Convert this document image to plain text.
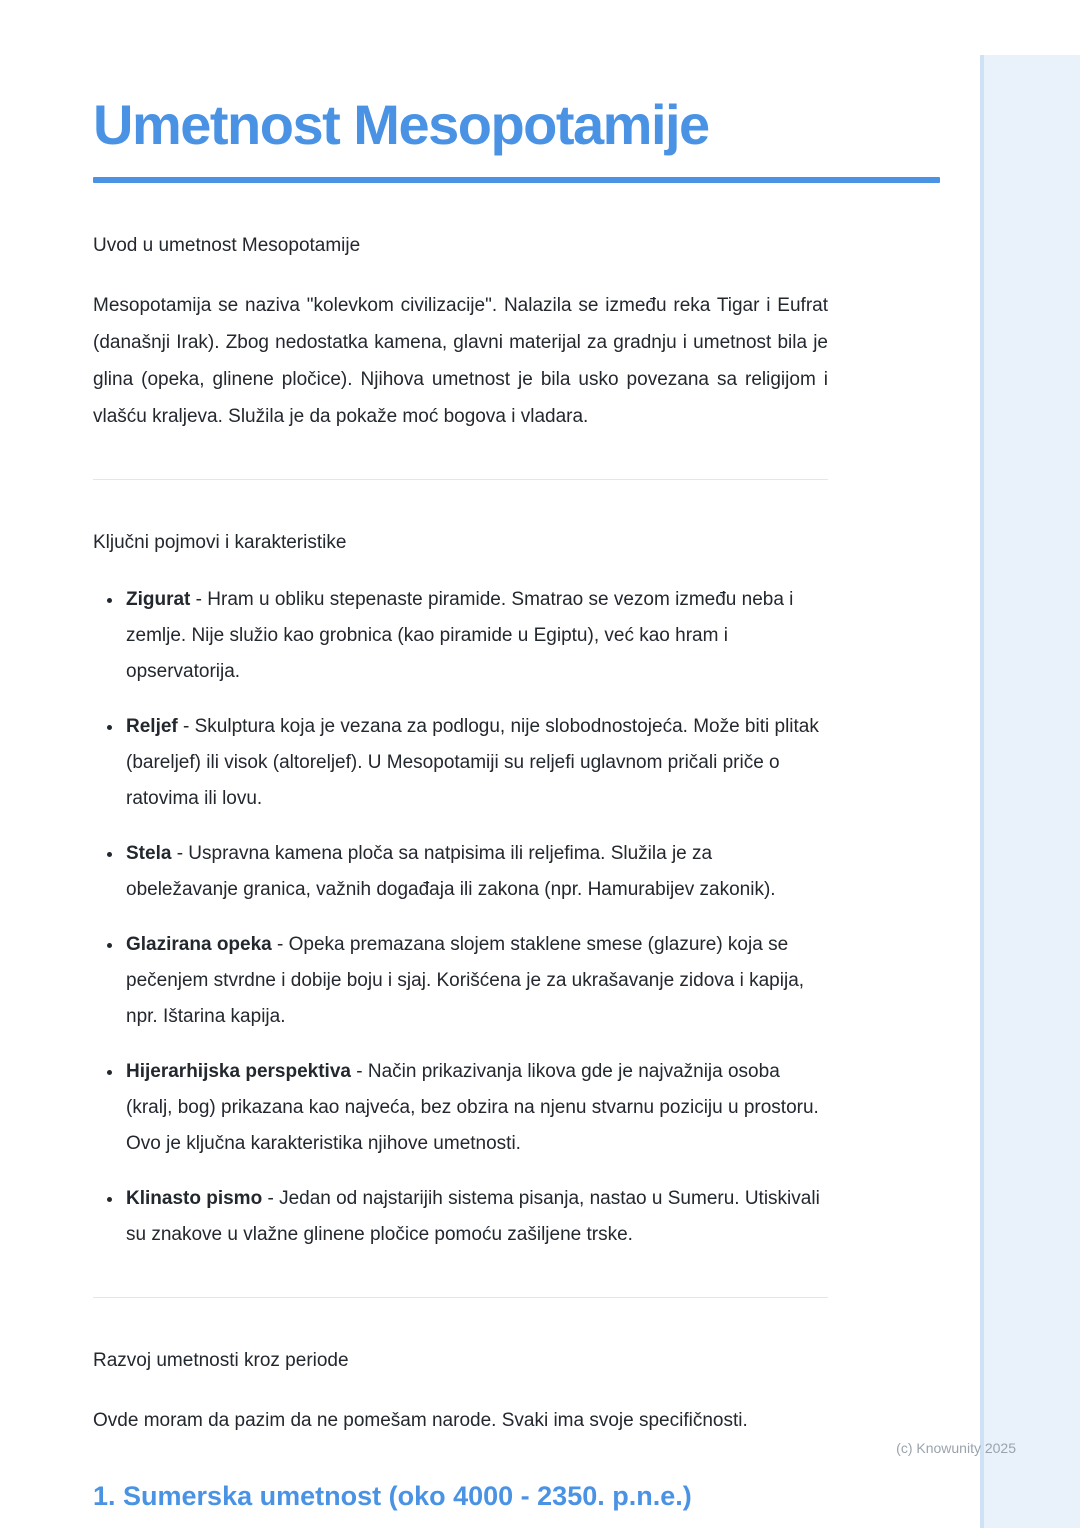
Umetnost Mesopotamije

Uvod u umetnost Mesopotamije

Mesopotamija se naziva "kolevkom civilizacije". Nalazila se između reka Tigar i Eufrat (današnji Irak). Zbog nedostatka kamena, glavni materijal za gradnju i umetnost bila je glina (opeka, glinene pločice). Njihova umetnost je bila usko povezana sa religijom i vlašću kraljeva. Služila je da pokaže moć bogova i vladara.

Ključni pojmovi i karakteristike

• Zigurat - Hram u obliku stepenaste piramide. Smatrao se vezom između neba i zemlje. Nije služio kao grobnica (kao piramide u Egiptu), već kao hram i opservatorija.
• Reljef - Skulptura koja je vezana za podlogu, nije slobodnostojeća. Može biti plitak (bareljef) ili visok (altoreljef). U Mesopotamiji su reljefi uglavnom pričali priče o ratovima ili lovu.
• Stela - Uspravna kamena ploča sa natpisima ili reljefima. Služila je za obeležavanje granica, važnih događaja ili zakona (npr. Hamurabijev zakonik).
• Glazirana opeka - Opeka premazana slojem staklene smese (glazure) koja se pečenjem stvrdne i dobije boju i sjaj. Korišćena je za ukrašavanje zidova i kapija, npr. Ištarina kapija.
• Hijerarhijska perspektiva - Način prikazivanja likova gde je najvažnija osoba (kralj, bog) prikazana kao najveća, bez obzira na njenu stvarnu poziciju u prostoru. Ovo je ključna karakteristika njihove umetnosti.
• Klinasto pismo - Jedan od najstarijih sistema pisanja, nastao u Sumeru. Utiskivali su znakove u vlažne glinene pločice pomoću zašiljene trske.

Razvoj umetnosti kroz periode

Ovde moram da pazim da ne pomešam narode. Svaki ima svoje specifičnosti.

1. Sumerska umetnost (oko 4000 - 2350. p.n.e.)
(c) Knowunity 2025
